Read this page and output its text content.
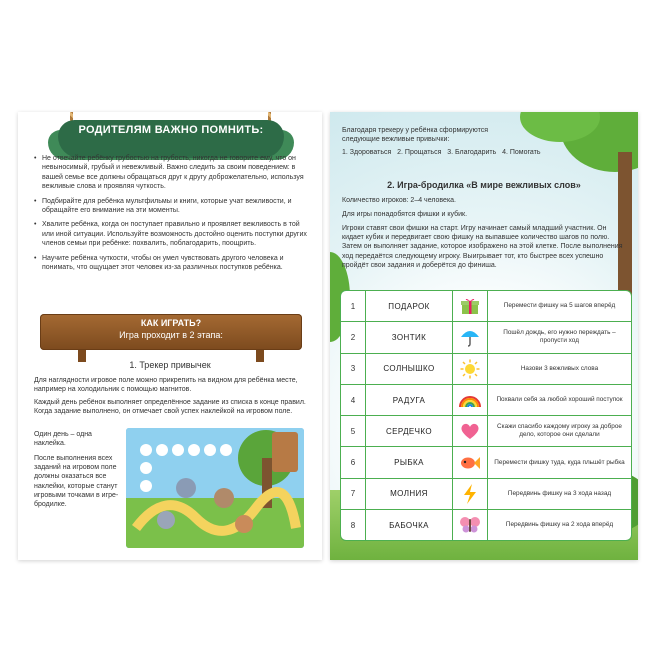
РОДИТЕЛЯМ ВАЖНО ПОМНИТЬ:
• Не отвечайте ребёнку грубостью на грубость, никогда не говорите ему, что он невыносимый, грубый и невежливый. Важно следить за своим поведением: в вашей семье все должны обращаться друг к другу доброжелательно, используя вежливые слова и проявляя чуткость.
• Подбирайте для ребёнка мультфильмы и книги, которые учат вежливости, и обращайте его внимание на эти моменты.
• Хвалите ребёнка, когда он поступает правильно и проявляет вежливость в той или иной ситуации. Используйте возможность достойно оценить поступки других членов семьи при ребёнке: похвалить, поблагодарить, поощрить.
• Научите ребёнка чуткости, чтобы он умел чувствовать другого человека и понимать, что ощущает этот человек из-за различных поступков ребёнка.
КАК ИГРАТЬ?
Игра проходит в 2 этапа:
1. Трекер привычек
Для наглядности игровое поле можно прикрепить на видном для ребёнка месте, например на холодильник с помощью магнитов.
Каждый день ребёнок выполняет определённое задание из списка в конце правил. Когда задание выполнено, он отмечает свой успех наклейкой на игровом поле.
Один день – одна наклейка.
После выполнения всех заданий на игровом поле должны оказаться все наклейки, которые станут игровыми точками в игре-бродилке.
Благодаря трекеру у ребёнка сформируются следующие вежливые привычки:
1. Здороваться   2. Прощаться   3. Благодарить   4. Помогать
2. Игра-бродилка «В мире вежливых слов»
Количество игроков: 2–4 человека.
Для игры понадобятся фишки и кубик.
Игроки ставят свои фишки на старт. Игру начинает самый младший участник. Он кидает кубик и передвигает свою фишку на выпавшее количество шагов по полю. Затем он выполняет задание, которое изображено на этой клетке. После выполнения ход передаётся следующему игроку. Выигрывает тот, кто быстрее всех успешно пройдёт свои задания и доберётся до финиша.
1	ПОДАРОК	Перемести фишку на 5 шагов вперёд
2	ЗОНТИК	Пошёл дождь, его нужно переждать – пропусти ход
3	СОЛНЫШКО	Назови 3 вежливых слова
4	РАДУГА	Похвали себя за любой хороший поступок
5	СЕРДЕЧКО	Скажи спасибо каждому игроку за доброе дело, которое они сделали
6	РЫБКА	Перемести фишку туда, куда пльшёт рыбка
7	МОЛНИЯ	Передвинь фишку на 3 хода назад
8	БАБОЧКА	Передвинь фишку на 2 хода вперёд
